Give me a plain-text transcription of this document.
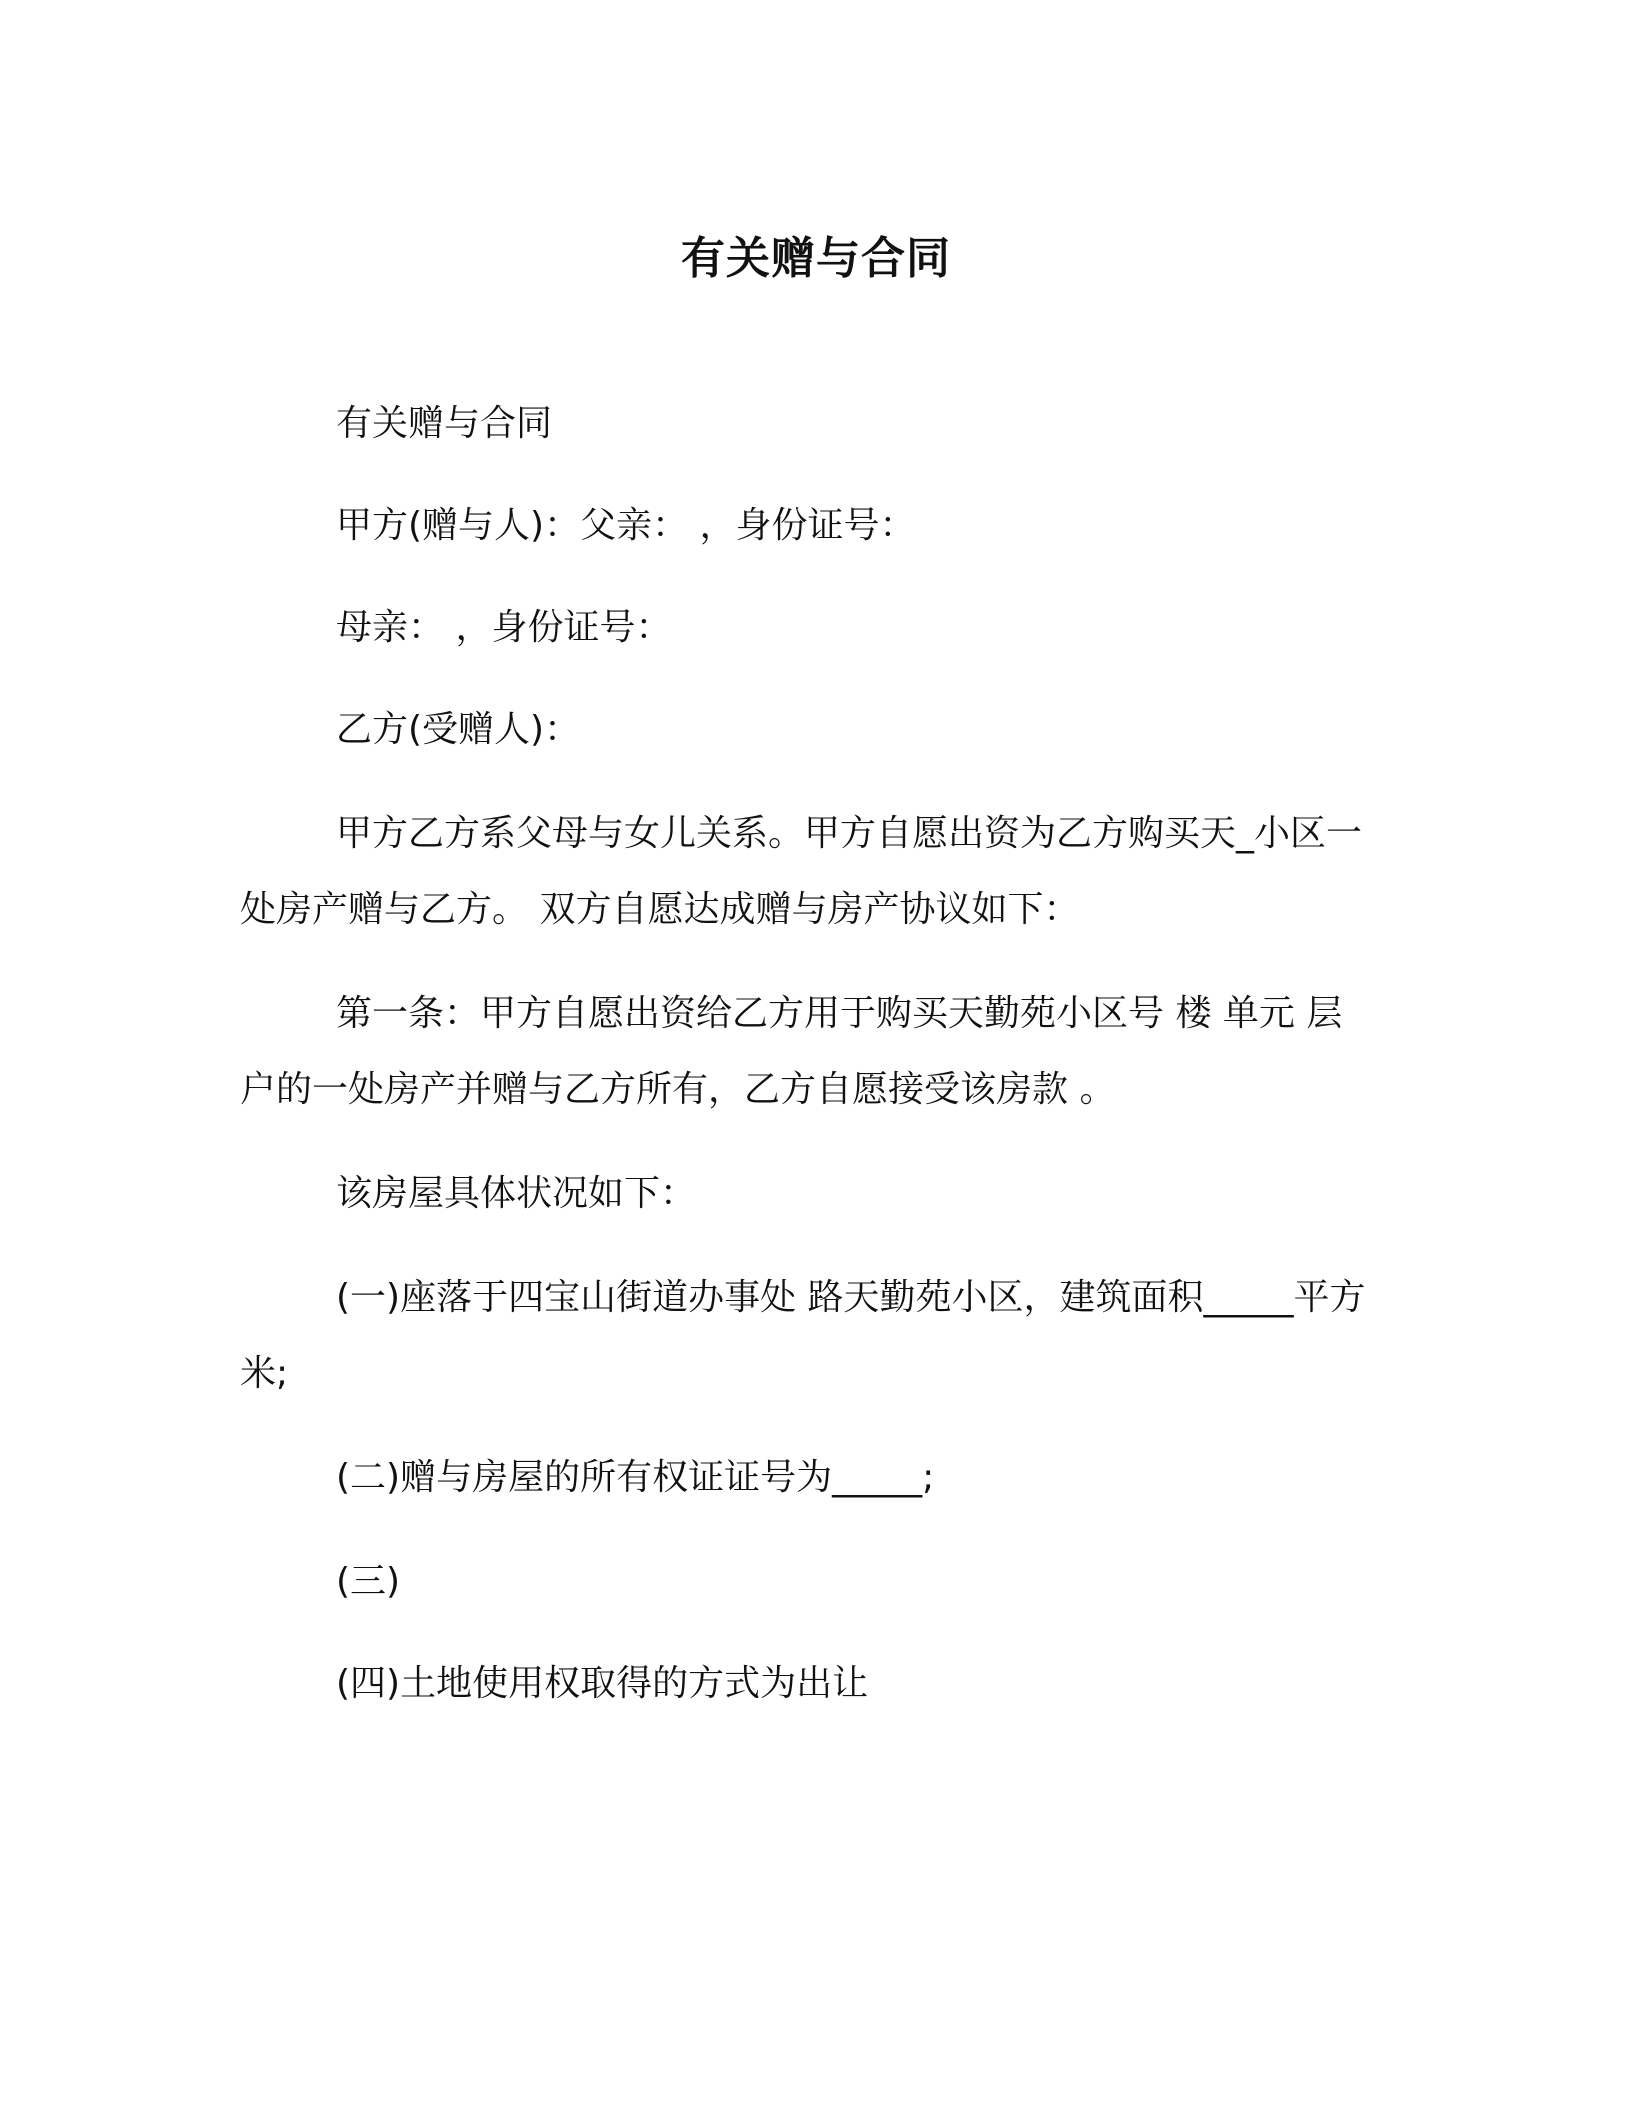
有关赠与合同

有关赠与合同

甲方(赠与人)：父亲： ，身份证号：

母亲： ，身份证号：

乙方(受赠人)：

甲方乙方系父母与女儿关系。甲方自愿出资为乙方购买天_小区一处房产赠与乙方。 双方自愿达成赠与房产协议如下：

第一条：甲方自愿出资给乙方用于购买天勤苑小区号 楼 单元 层户的一处房产并赠与乙方所有，乙方自愿接受该房款 。

该房屋具体状况如下：

(一)座落于四宝山街道办事处 路天勤苑小区，建筑面积_____平方米;

(二)赠与房屋的所有权证证号为_____;

(三)

(四)土地使用权取得的方式为出让
